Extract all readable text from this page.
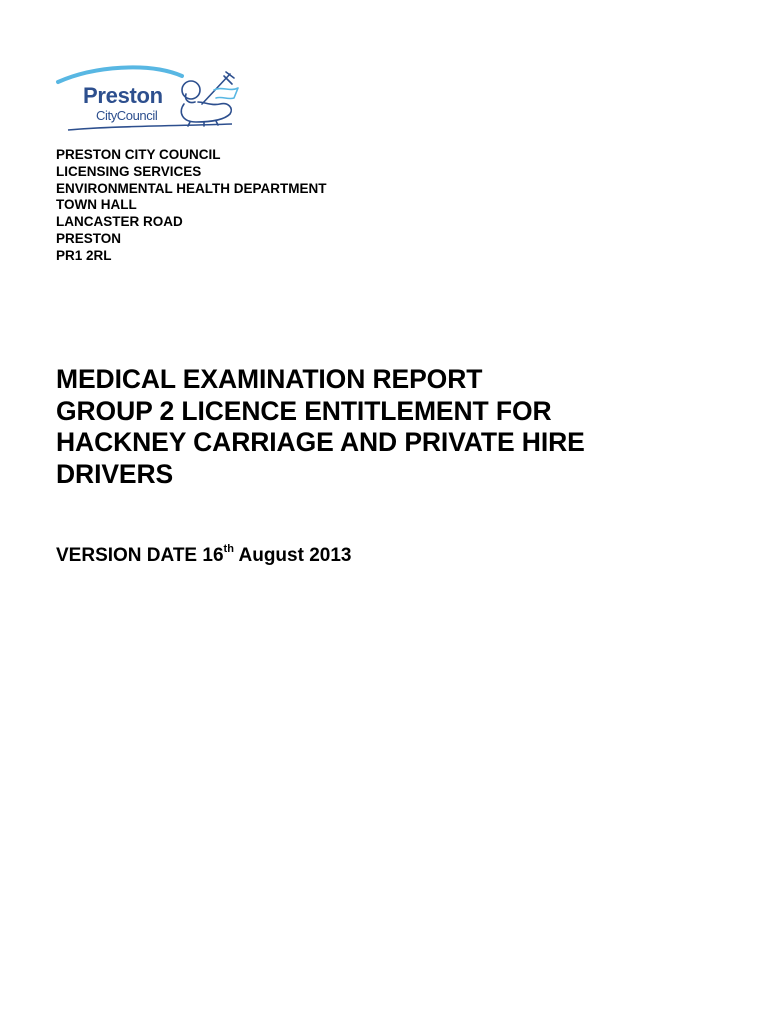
Preston
CityCouncil
PRESTON CITY COUNCIL
LICENSING SERVICES
ENVIRONMENTAL HEALTH DEPARTMENT
TOWN HALL
LANCASTER ROAD
PRESTON
PR1 2RL
MEDICAL EXAMINATION REPORT
GROUP 2 LICENCE ENTITLEMENT FOR
HACKNEY CARRIAGE AND PRIVATE HIRE
DRIVERS
VERSION DATE 16th August 2013
